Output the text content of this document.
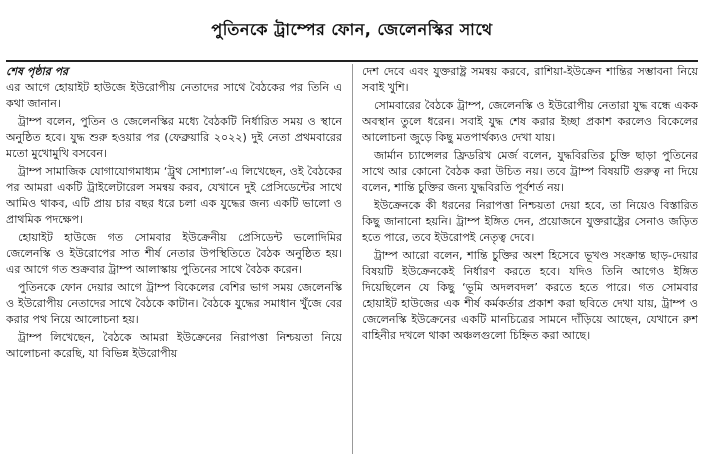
পুতিনকে ট্রাম্পের ফোন, জেলেনস্কির সাথে

শেষ পৃষ্ঠার পর

এর আগে হোয়াইট হাউজে ইউরোপীয় নেতাদের সাথে বৈঠকের পর তিনি এ কথা জানান।

ট্রাম্প বলেন, পুতিন ও জেলেনস্কির মধ্যে বৈঠকটি নির্ধারিত সময় ও স্থানে অনুষ্ঠিত হবে। যুদ্ধ শুরু হওয়ার পর (ফেব্রুয়ারি ২০২২) দুই নেতা প্রথমবারের মতো মুখোমুখি বসবেন।

ট্রাম্প সামাজিক যোগাযোগমাধ্যম ‘ট্রুথ সোশ্যাল’-এ লিখেছেন, ওই বৈঠকের পর আমরা একটি ট্রাইলেটারেল সমন্বয় করব, যেখানে দুই প্রেসিডেন্টের সাথে আমিও থাকব, এটি প্রায় চার বছর ধরে চলা এক যুদ্ধের জন্য একটি ভালো ও প্রাথমিক পদক্ষেপ।

হোয়াইট হাউজে গত সোমবার ইউক্রেনীয় প্রেসিডেন্ট ভলোদিমির জেলেনস্কি ও ইউরোপের সাত শীর্ষ নেতার উপস্থিতিতে বৈঠক অনুষ্ঠিত হয়। এর আগে গত শুক্রবার ট্রাম্প আলাস্কায় পুতিনের সাথে বৈঠক করেন।

পুতিনকে ফোন দেয়ার আগে ট্রাম্প বিকেলের বেশির ভাগ সময় জেলেনস্কি ও ইউরোপীয় নেতাদের সাথে বৈঠকে কাটান। বৈঠকে যুদ্ধের সমাধান খুঁজে বের করার পথ নিয়ে আলোচনা হয়।

ট্রাম্প লিখেছেন, বৈঠকে আমরা ইউক্রেনের নিরাপত্তা নিশ্চয়তা নিয়ে আলোচনা করেছি, যা বিভিন্ন ইউরোপীয়

দেশ দেবে এবং যুক্তরাষ্ট্র সমন্বয় করবে, রাশিয়া-ইউক্রেন শান্তির সম্ভাবনা নিয়ে সবাই খুশি।

সোমবারের বৈঠকে ট্রাম্প, জেলেনস্কি ও ইউরোপীয় নেতারা যুদ্ধ বন্ধে একক অবস্থান তুলে ধরেন। সবাই যুদ্ধ শেষ করার ইচ্ছা প্রকাশ করলেও বিকেলের আলোচনা জুড়ে কিছু মতপার্থক্যও দেখা যায়।

জার্মান চ্যান্সেলর ফ্রিডরিখ মের্জ বলেন, যুদ্ধবিরতির চুক্তি ছাড়া পুতিনের সাথে আর কোনো বৈঠক করা উচিত নয়। তবে ট্রাম্প বিষয়টি গুরুত্ব না দিয়ে বলেন, শান্তি চুক্তির জন্য যুদ্ধবিরতি পূর্বশর্ত নয়।

ইউক্রেনকে কী ধরনের নিরাপত্তা নিশ্চয়তা দেয়া হবে, তা নিয়েও বিস্তারিত কিছু জানানো হয়নি। ট্রাম্প ইঙ্গিত দেন, প্রয়োজনে যুক্তরাষ্ট্রের সেনাও জড়িত হতে পারে, তবে ইউরোপই নেতৃত্ব দেবে।

ট্রাম্প আরো বলেন, শান্তি চুক্তির অংশ হিসেবে ভূখণ্ড সংক্রান্ত ছাড়-দেয়ার বিষয়টি ইউক্রেনকেই নির্ধারণ করতে হবে। যদিও তিনি আগেও ইঙ্গিত দিয়েছিলেন যে কিছু ‘ভূমি অদলবদল’ করতে হতে পারে। গত সোমবার হোয়াইট হাউজের এক শীর্ষ কর্মকর্তার প্রকাশ করা ছবিতে দেখা যায়, ট্রাম্প ও জেলেনস্কি ইউক্রেনের একটি মানচিত্রের সামনে দাঁড়িয়ে আছেন, যেখানে রুশ বাহিনীর দখলে থাকা অঞ্চলগুলো চিহ্নিত করা আছে।
